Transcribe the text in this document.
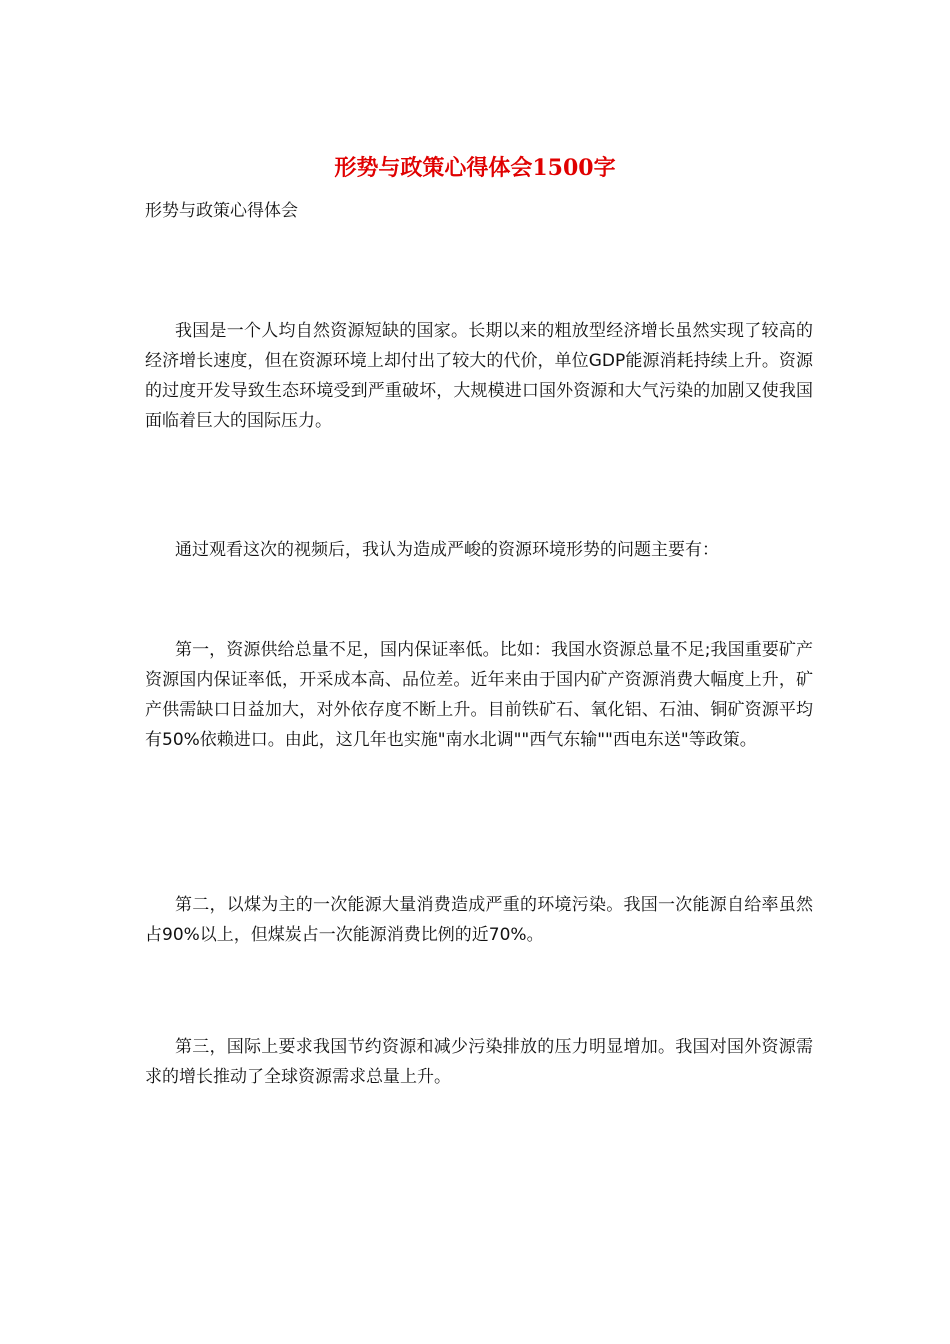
形势与政策心得体会1500字
形势与政策心得体会

我国是一个人均自然资源短缺的国家。长期以来的粗放型经济增长虽然实现了较高的经济增长速度，但在资源环境上却付出了较大的代价，单位GDP能源消耗持续上升。资源的过度开发导致生态环境受到严重破坏，大规模进口国外资源和大气污染的加剧又使我国面临着巨大的国际压力。

通过观看这次的视频后，我认为造成严峻的资源环境形势的问题主要有：

第一，资源供给总量不足，国内保证率低。比如：我国水资源总量不足;我国重要矿产资源国内保证率低，开采成本高、品位差。近年来由于国内矿产资源消费大幅度上升，矿产供需缺口日益加大，对外依存度不断上升。目前铁矿石、氧化铝、石油、铜矿资源平均有50%依赖进口。由此，这几年也实施"南水北调""西气东输""西电东送"等政策。

第二，以煤为主的一次能源大量消费造成严重的环境污染。我国一次能源自给率虽然占90%以上，但煤炭占一次能源消费比例的近70%。

第三，国际上要求我国节约资源和减少污染排放的压力明显增加。我国对国外资源需求的增长推动了全球资源需求总量上升。
